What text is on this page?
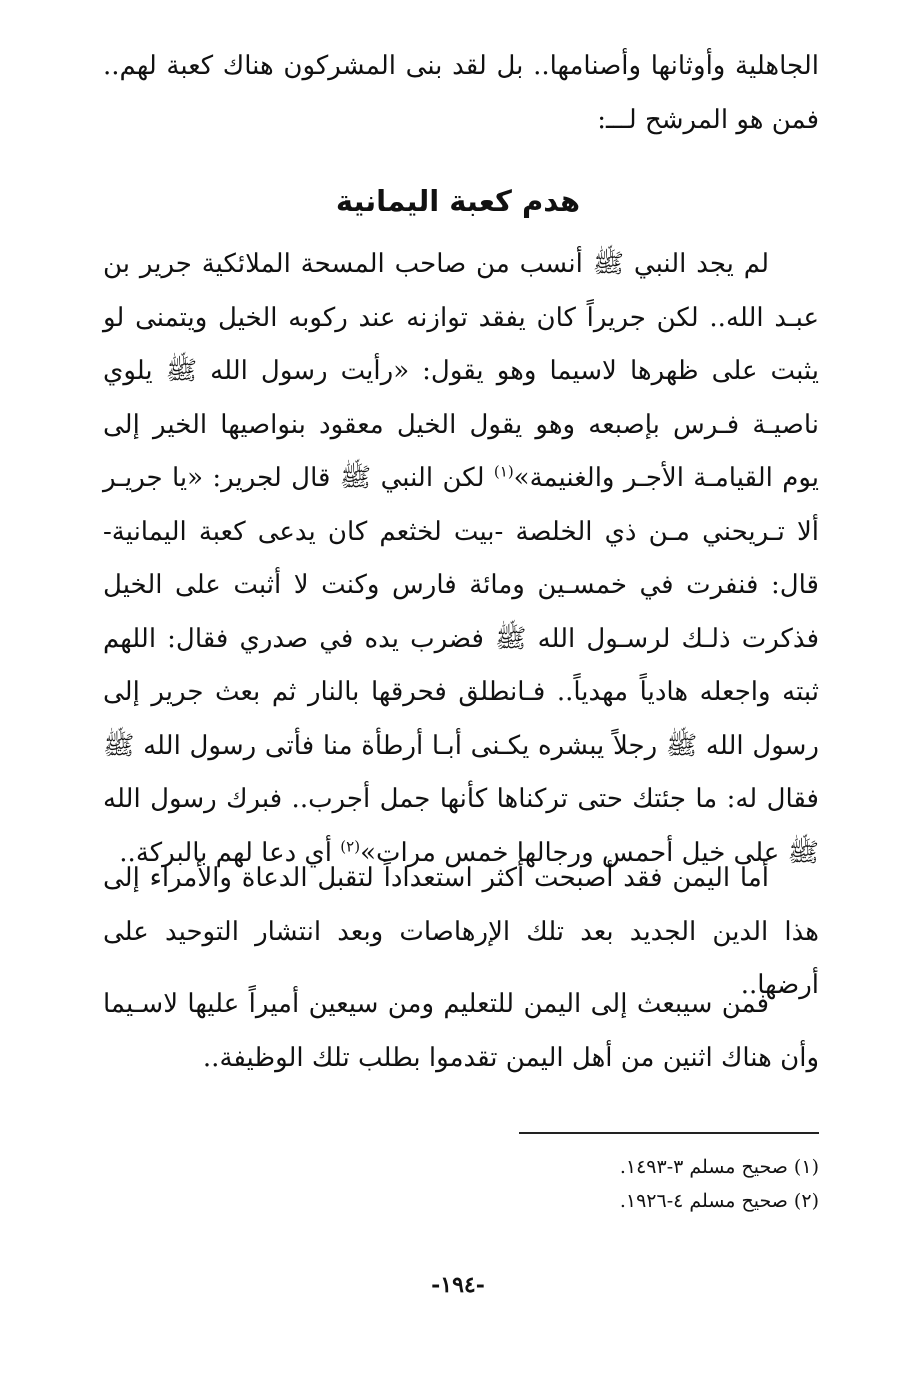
الجاهلية وأوثانها وأصنامها.. بل لقد بنى المشركون هناك كعبة لهم.. فمن هو المرشح لـــ:

هدم كعبة اليمانية

لم يجد النبي ﷺ أنسب من صاحب المسحة الملائكية جرير بن عبـد الله.. لكن جريراً كان يفقد توازنه عند ركوبه الخيل ويتمنى لو يثبت على ظهرها لاسيما وهو يقول: «رأيت رسول الله ﷺ يلوي ناصيـة فـرس بإصبعه وهو يقول الخيل معقود بنواصيها الخير إلى يوم القيامـة الأجـر والغنيمة»$^{(١)}$ لكن النبي ﷺ قال لجرير: «يا جريـر ألا تـريحني مـن ذي الخلصة -بيت لخثعم كان يدعى كعبة اليمانية- قال: فنفرت في خمسـين ومائة فارس وكنت لا أثبت على الخيل فذكرت ذلـك لرسـول الله ﷺ فضرب يده في صدري فقال: اللهم ثبته واجعله هادياً مهدياً.. فـانطلق فحرقها بالنار ثم بعث جرير إلى رسول الله ﷺ رجلاً يبشره يكـنى أبـا أرطأة منا فأتى رسول الله ﷺ فقال له: ما جئتك حتى تركناها كأنها جمل أجرب.. فبرك رسول الله ﷺ على خيل أحمس ورجالها خمس مرات»$^{(٢)}$ أي دعا لهم بالبركة..

أما اليمن فقد أصبحت أكثر استعداداً لتقبل الدعاة والأمراء إلى هذا الدين الجديد بعد تلك الإرهاصات وبعد انتشار التوحيد على أرضها..

فمن سيبعث إلى اليمن للتعليم ومن سيعين أميراً عليها لاسـيما وأن هناك اثنين من أهل اليمن تقدموا بطلب تلك الوظيفة..

(١) صحيح مسلم ٣-١٤٩٣.

(٢) صحيح مسلم ٤-١٩٢٦.

-١٩٤-
